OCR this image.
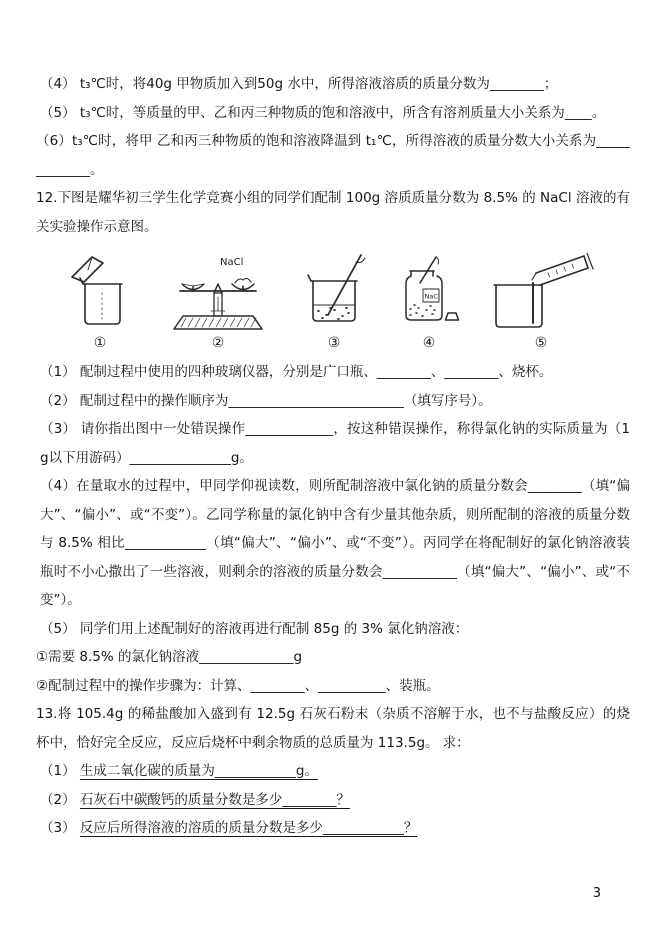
（4） t₃℃时，将40g 甲物质加入到50g 水中，所得溶液溶质的质量分数为________；

（5） t₃℃时，等质量的甲、乙和丙三种物质的饱和溶液中，所含有溶剂质量大小关系为____。

（6）t₃℃时，将甲 乙和丙三种物质的饱和溶液降温到 t₁℃，所得溶液的质量分数大小关系为_____________。

12.下图是耀华初三学生化学竞赛小组的同学们配制 100g 溶质质量分数为 8.5% 的 NaCl 溶液的有关实验操作示意图。

①
NaCl
②	③
NaCl
④	⑤

（1） 配制过程中使用的四种玻璃仪器，分别是广口瓶、________、________、烧杯。

（2） 配制过程中的操作顺序为__________________________（填写序号）。

（3） 请你指出图中一处错误操作_____________，按这种错误操作，称得氯化钠的实际质量为（1g以下用游码）_______________g。

（4）在量取水的过程中，甲同学仰视读数，则所配制溶液中氯化钠的质量分数会________（填“偏大”、“偏小”、或“不变”）。乙同学称量的氯化钠中含有少量其他杂质，则所配制的溶液的质量分数与 8.5% 相比____________（填“偏大”、“偏小”、或“不变”）。丙同学在将配制好的氯化钠溶液装瓶时不小心撒出了一些溶液，则剩余的溶液的质量分数会___________（填“偏大”、“偏小”、或“不变”）。

（5） 同学们用上述配制好的溶液再进行配制 85g 的 3% 氯化钠溶液：

①需要 8.5% 的氯化钠溶液______________g

②配制过程中的操作步骤为：计算、________、__________、装瓶。

13.将 105.4g 的稀盐酸加入盛到有 12.5g 石灰石粉末（杂质不溶解于水，也不与盐酸反应）的烧杯中，恰好完全反应，反应后烧杯中剩余物质的总质量为 113.5g。 求：

（1） 生成二氧化碳的质量为____________g。

（2） 石灰石中碳酸钙的质量分数是多少________？

（3） 反应后所得溶液的溶质的质量分数是多少____________？

3
